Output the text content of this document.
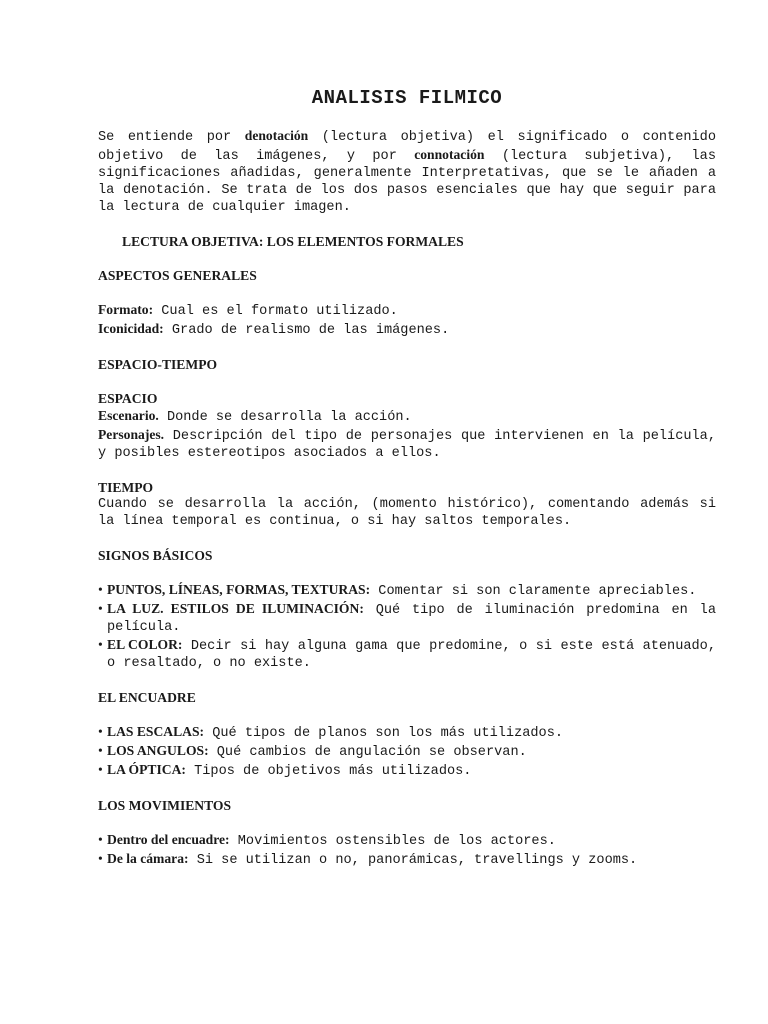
ANALISIS FILMICO

Se entiende por denotación (lectura objetiva) el significado o contenido objetivo de las imágenes, y por connotación (lectura subjetiva), las significaciones añadidas, generalmente Interpretativas, que se le añaden a la denotación. Se trata de los dos pasos esenciales que hay que seguir para la lectura de cualquier imagen.

LECTURA OBJETIVA: LOS ELEMENTOS FORMALES

ASPECTOS GENERALES

Formato: Cual es el formato utilizado.

Iconicidad: Grado de realismo de las imágenes.

ESPACIO-TIEMPO

ESPACIO

Escenario. Donde se desarrolla la acción.

Personajes. Descripción del tipo de personajes que intervienen en la película, y posibles estereotipos asociados a ellos.

TIEMPO

Cuando se desarrolla la acción, (momento histórico), comentando además si la línea temporal es continua, o si hay saltos temporales.

SIGNOS BÁSICOS

• PUNTOS, LÍNEAS, FORMAS, TEXTURAS: Comentar si son claramente apreciables.
• LA LUZ. ESTILOS DE ILUMINACIÓN: Qué tipo de iluminación predomina en la película.
• EL COLOR: Decir si hay alguna gama que predomine, o si este está atenuado, o resaltado, o no existe.

EL ENCUADRE

• LAS ESCALAS: Qué tipos de planos son los más utilizados.
• LOS ANGULOS: Qué cambios de angulación se observan.
• LA ÓPTICA: Tipos de objetivos más utilizados.

LOS MOVIMIENTOS

• Dentro del encuadre: Movimientos ostensibles de los actores.
• De la cámara: Si se utilizan o no, panorámicas, travellings y zooms.
